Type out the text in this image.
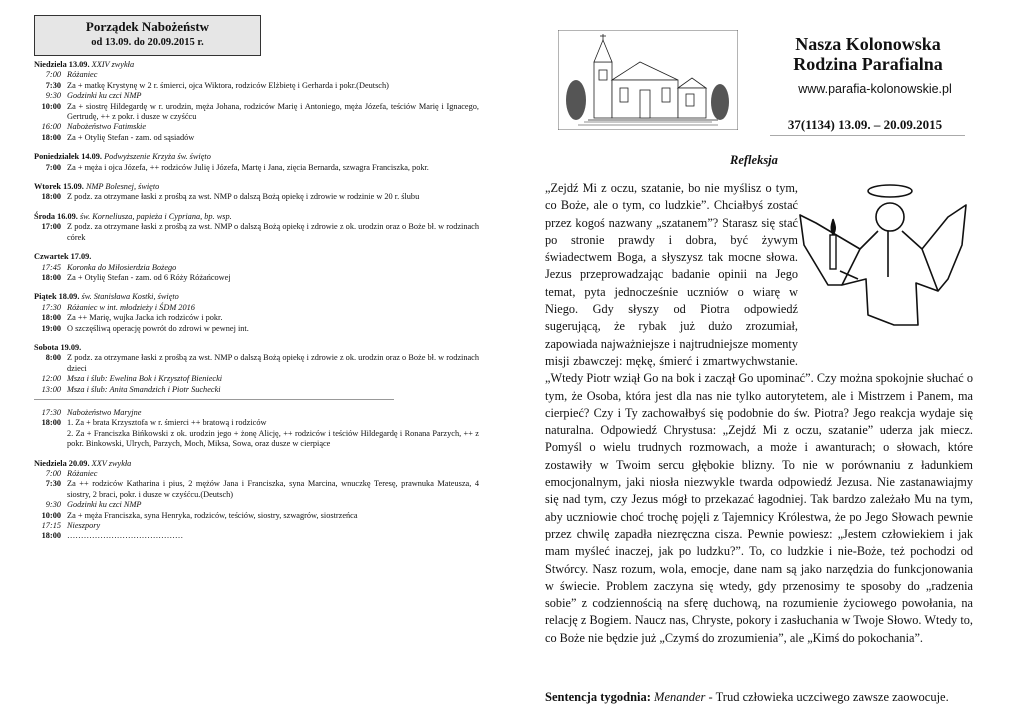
Porządek Nabożeństw
od 13.09. do 20.09.2015 r.
Niedziela 13.09. XXIV zwykła
7:00 Różaniec
7:30 Za + matkę Krystynę w 2 r. śmierci, ojca Wiktora, rodziców Elżbietę i Gerharda i pokr.(Deutsch)
9:30 Godzinki ku czci NMP
10:00 Za + siostrę Hildegardę w r. urodzin, męża Johana, rodziców Marię i Antoniego, męża Józefa, teściów Marię i Ignacego, Gertrudę, ++ z pokr. i dusze w czyśćcu
16:00 Nabożeństwo Fatimskie
18:00 Za + Otylię Stefan - zam. od sąsiadów
Poniedziałek 14.09. Podwyższenie Krzyża św. święto
7:00 Za + męża i ojca Józefa, ++ rodziców Julię i Józefa, Martę i Jana, zięcia Bernarda, szwagra Franciszka, pokr.
Wtorek 15.09. NMP Bolesnej, święto
18:00 Z podz. za otrzymane łaski z prośbą za wst. NMP o dalszą Bożą opiekę i zdrowie w rodzinie w 20 r. ślubu
Środa 16.09. św. Korneliusza, papieża i Cypriana, bp. wsp.
17:00 Z podz. za otrzymane łaski z prośbą za wst. NMP o dalszą Bożą opiekę i zdrowie z ok. urodzin oraz o Boże bł. w rodzinach córek
Czwartek 17.09.
17:45 Koronka do Miłosierdzia Bożego
18:00 Za + Otylię Stefan - zam. od 6 Róży Różańcowej
Piątek 18.09. św. Stanisława Kostki, święto
17:30 Różaniec w int. młodzieży i ŚDM 2016
18:00 Za ++ Marię, wujka Jacka ich rodziców i pokr.
19:00 O szczęśliwą operację powrót do zdrowi w pewnej int.
Sobota 19.09.
8:00 Z podz. za otrzymane łaski z prośbą za wst. NMP o dalszą Bożą opiekę i zdrowie z ok. urodzin oraz o Boże bł. w rodzinach dzieci
12:00 Msza i ślub: Ewelina Bok i Krzysztof Bieniecki
13:00 Msza i ślub: Anita Smandzich i Piotr Suchecki
17:30 Nabożeństwo Maryjne
18:00 1. Za + brata Krzysztofa w r. śmierci ++ bratową i rodziców
2. Za + Franciszka Bińkowski z ok. urodzin jego + żonę Alicję, ++ rodziców i teściów Hildegardę i Ronana Parzych, ++ z pokr. Binkowski, Ulrych, Parzych, Moch, Miksa, Sowa, oraz dusze w cierpiące
Niedziela 20.09. XXV zwykła
7:00 Różaniec
7:30 Za ++ rodziców Katharina i pius, 2 mężów Jana i Franciszka, syna Marcina, wnuczkę Teresę, prawnuka Mateusza, 4 siostry, 2 braci, pokr. i dusze w czyśćcu.(Deutsch)
9:30 Godzinki ku czci NMP
10:00 Za + męża Franciszka, syna Henryka, rodziców, teściów, siostry, szwagrów, siostrzeńca
17:15 Nieszpory
18:00 ……………………………………
Nasza Kolonowska
Rodzina Parafialna
www.parafia-kolonowskie.pl
37(1134) 13.09. – 20.09.2015
Refleksja
„Zejdź Mi z oczu, szatanie, bo nie myślisz o tym, co Boże, ale o tym, co ludzkie”. Chciałbyś zostać przez kogoś nazwany „szatanem”? Starasz się stać po stronie prawdy i dobra, być żywym świadectwem Boga, a słyszysz tak mocne słowa. Jezus przeprowadzając badanie opinii na Jego temat, pyta jednocześnie uczniów o wiarę w Niego. Gdy słyszy od Piotra odpowiedź sugerującą, że rybak już dużo zrozumiał, zapowiada najważniejsze i najtrudniejsze momenty misji zbawczej: mękę, śmierć i zmartwychwstanie. „Wtedy Piotr wziął Go na bok i zaczął Go upominać”. Czy można spokojnie słuchać o tym, że Osoba, która jest dla nas nie tylko autorytetem, ale i Mistrzem i Panem, ma cierpieć? Czy i Ty zachowałbyś się podobnie do św. Piotra? Jego reakcja wydaje się naturalna. Odpowiedź Chrystusa: „Zejdź Mi z oczu, szatanie” uderza jak miecz. Pomyśl o wielu trudnych rozmowach, a może i awanturach; o słowach, które zostawiły w Twoim sercu głębokie blizny. To nie w porównaniu z ładunkiem emocjonalnym, jaki niosła niezwykle twarda odpowiedź Jezusa. Nie zastanawiajmy się nad tym, czy Jezus mógł to przekazać łagodniej. Tak bardzo zależało Mu na tym, aby uczniowie choć trochę pojęli z Tajemnicy Królestwa, że po Jego Słowach pewnie przez chwilę zapadła niezręczna cisza. Pewnie powiesz: „Jestem człowiekiem i jak mam myśleć inaczej, jak po ludzku?”. To, co ludzkie i nie-Boże, też pochodzi od Stwórcy. Nasz rozum, wola, emocje, dane nam są jako narzędzia do funkcjonowania w świecie. Problem zaczyna się wtedy, gdy przenosimy te sposoby do „radzenia sobie” z codziennością na sferę duchową, na rozumienie życiowego powołania, na relację z Bogiem. Naucz nas, Chryste, pokory i zasłuchania w Twoje Słowo. Wtedy to, co Boże nie będzie już „Czymś do zrozumienia”, ale „Kimś do pokochania”.
Sentencja tygodnia: Menander - Trud człowieka uczciwego zawsze zaowocuje.
